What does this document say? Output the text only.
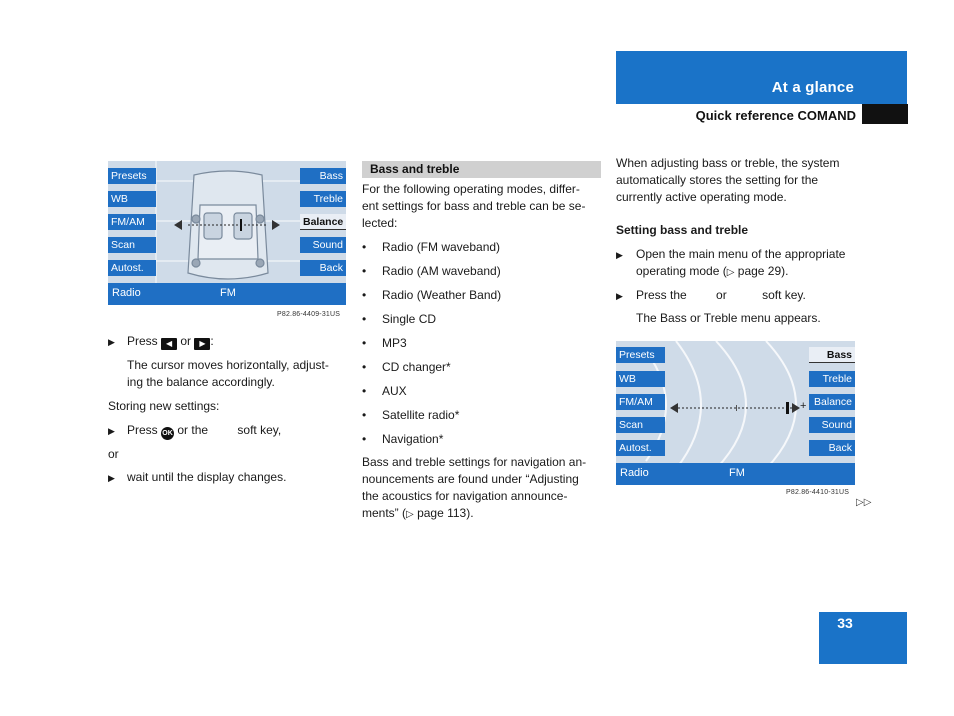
At a glance
Quick reference COMAND
Presets
WB
FM/AM
Scan
Autost.
Bass
Treble
Balance
Sound
Back
Radio	FM
P82.86-4409-31US
▶ Press ◀ or ▶ :
The cursor moves horizontally, adjust-
ing the balance accordingly.
Storing new settings:
▶ Press OK or the soft key,
or
▶ wait until the display changes.
Bass and treble
For the following operating modes, differ-
ent settings for bass and treble can be se-
lected:
• Radio (FM waveband)
• Radio (AM waveband)
• Radio (Weather Band)
• Single CD
• MP3
• CD changer*
• AUX
• Satellite radio*
• Navigation*
Bass and treble settings for navigation an-
nouncements are found under “Adjusting
the acoustics for navigation announce-
ments” (▷ page 113).
When adjusting bass or treble, the system
automatically stores the setting for the
currently active operating mode.
Setting bass and treble
▶ Open the main menu of the appropriate
operating mode (▷ page 29).
▶ Press the or	soft key.
The Bass or Treble menu appears.
+
Presets
WB
FM/AM
Scan
Autost.
Bass
Treble
Balance
Sound
Back
Radio	FM
P82.86-4410-31US
▷▷
33
